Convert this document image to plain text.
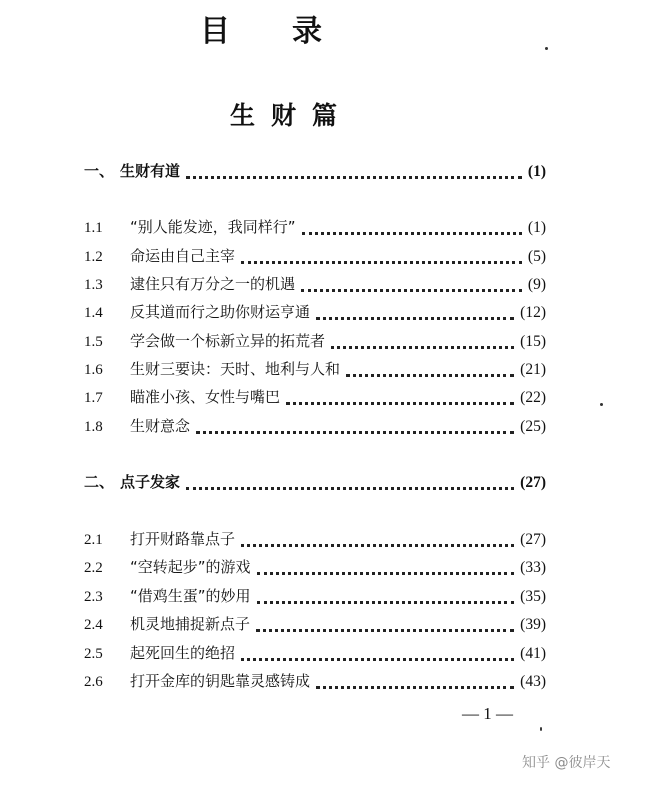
目录
生财篇
一、 生财有道	(1)
1.1	“别人能发迹，我同样行”	(1)
1.2	命运由自己主宰	(5)
1.3	逮住只有万分之一的机遇	(9)
1.4	反其道而行之助你财运亨通	(12)
1.5	学会做一个标新立异的拓荒者	(15)
1.6	生财三要诀：天时、地利与人和	(21)
1.7	瞄准小孩、女性与嘴巴	(22)
1.8	生财意念	(25)
二、 点子发家	(27)
2.1	打开财路靠点子	(27)
2.2	“空转起步”的游戏	(33)
2.3	“借鸡生蛋”的妙用	(35)
2.4	机灵地捕捉新点子	(39)
2.5	起死回生的绝招	(41)
2.6	打开金库的钥匙靠灵感铸成	(43)
— 1 —
知乎 @彼岸天
